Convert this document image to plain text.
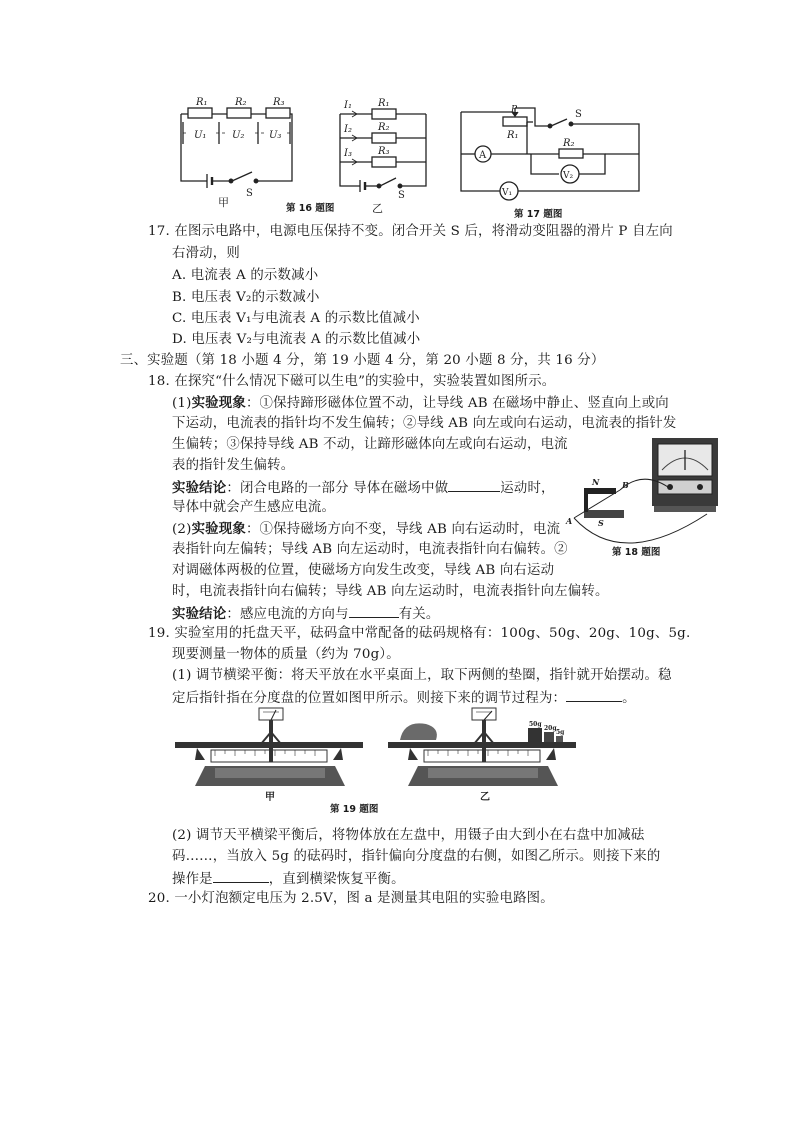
R₁	R₂	R₃
U₁	U₂ U₃
S
甲
I₁
I₂
I₃
R₁
R₂
R₃
S
乙
第 16 题图
P	S
R₁
R₂
A
V₂
V₁
第 17 题图
17. 在图示电路中，电源电压保持不变。闭合开关 S 后，将滑动变阻器的滑片 P 自左向
右滑动，则
A. 电流表 A 的示数减小
B. 电压表 V₂的示数减小
C. 电压表 V₁与电流表 A 的示数比值减小
D. 电压表 V₂与电流表 A 的示数比值减小
三、实验题（第 18 小题 4 分，第 19 小题 4 分，第 20 小题 8 分，共 16 分）
18. 在探究“什么情况下磁可以生电”的实验中，实验装置如图所示。
(1)实验现象：①保持蹄形磁体位置不动，让导线 AB 在磁场中静止、竖直向上或向
下运动，电流表的指针均不发生偏转；②导线 AB 向左或向右运动，电流表的指针发
生偏转；③保持导线 AB 不动，让蹄形磁体向左或向右运动，电流
表的指针发生偏转。
实验结论：闭合电路的一部分 导体在磁场中做	运动时，
导体中就会产生感应电流。
(2)实验现象：①保持磁场方向不变，导线 AB 向右运动时，电流
表指针向左偏转；导线 AB 向左运动时，电流表指针向右偏转。②
对调磁体两极的位置，使磁场方向发生改变，导线 AB 向右运动
时，电流表指针向右偏转；导线 AB 向左运动时，电流表指针向左偏转。
实验结论：感应电流的方向与	有关。
N
S
A
B
第 18 题图
19. 实验室用的托盘天平，砝码盒中常配备的砝码规格有：100g、50g、20g、10g、5g.
现要测量一物体的质量（约为 70g）。
(1) 调节横梁平衡：将天平放在水平桌面上，取下两侧的垫圈，指针就开始摆动。稳
定后指针指在分度盘的位置如图甲所示。则接下来的调节过程为：	。
甲
50g
20g
5g
乙
第 19 题图
(2) 调节天平横梁平衡后，将物体放在左盘中，用镊子由大到小在右盘中加减砝
码……，当放入 5g 的砝码时，指针偏向分度盘的右侧，如图乙所示。则接下来的
操作是	，直到横梁恢复平衡。
20. 一小灯泡额定电压为 2.5V，图 a 是测量其电阻的实验电路图。
